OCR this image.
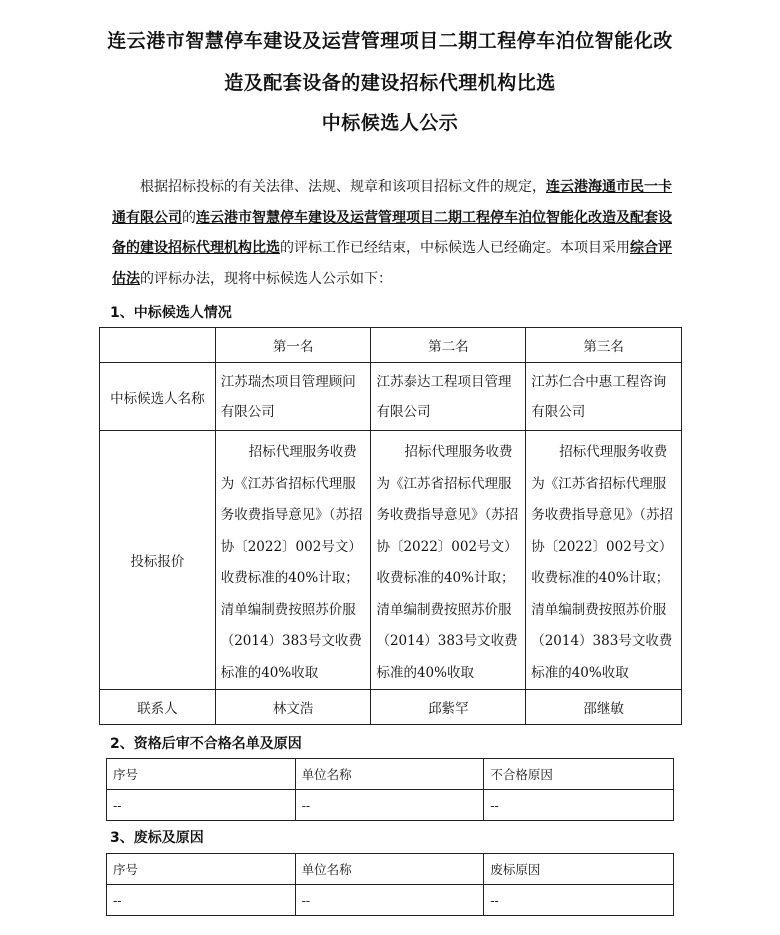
连云港市智慧停车建设及运营管理项目二期工程停车泊位智能化改
造及配套设备的建设招标代理机构比选
中标候选人公示
根据招标投标的有关法律、法规、规章和该项目招标文件的规定，连云港海通市民一卡通有限公司的连云港市智慧停车建设及运营管理项目二期工程停车泊位智能化改造及配套设备的建设招标代理机构比选的评标工作已经结束，中标候选人已经确定。本项目采用综合评估法的评标办法，现将中标候选人公示如下：
1、中标候选人情况
	第一名	第二名	第三名
中标候选人名称	江苏瑞杰项目管理顾问有限公司	江苏泰达工程项目管理有限公司	江苏仁合中惠工程咨询有限公司
投标报价	招标代理服务收费为《江苏省招标代理服务收费指导意见》（苏招协〔2022〕002号文）收费标准的40%计取；清单编制费按照苏价服（2014）383号文收费标准的40%收取	招标代理服务收费为《江苏省招标代理服务收费指导意见》（苏招协〔2022〕002号文）收费标准的40%计取；清单编制费按照苏价服（2014）383号文收费标准的40%收取	招标代理服务收费为《江苏省招标代理服务收费指导意见》（苏招协〔2022〕002号文）收费标准的40%计取；清单编制费按照苏价服（2014）383号文收费标准的40%收取
联系人	林文浩	邱紫罕	邵继敏
2、资格后审不合格名单及原因
序号	单位名称	不合格原因
--	--	--
3、废标及原因
序号	单位名称	废标原因
--	--	--
